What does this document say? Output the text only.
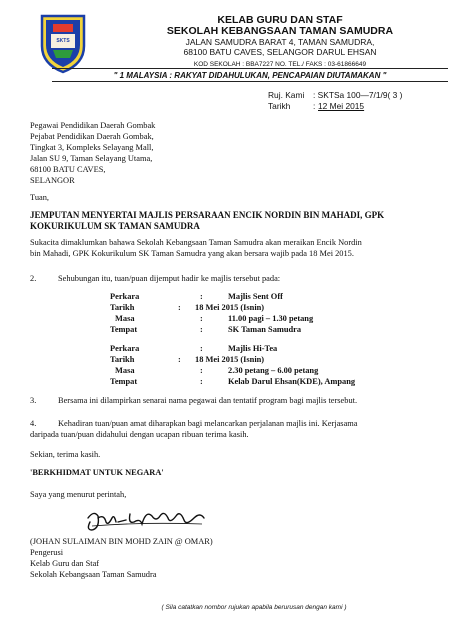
SKTS
KELAB GURU DAN STAF
SEKOLAH KEBANGSAAN TAMAN SAMUDRA
JALAN SAMUDRA BARAT 4, TAMAN SAMUDRA,
68100 BATU CAVES, SELANGOR DARUL EHSAN
KOD SEKOLAH : BBA7227 NO. TEL./ FAKS : 03-61866649
" 1 MALAYSIA : RAKYAT DIDAHULUKAN, PENCAPAIAN DIUTAMAKAN "
Ruj. Kami : SKTSa 100—7/1/9( 3 )
Tarikh	: 12 Mei 2015
Pegawai Pendidikan Daerah Gombak
Pejabat Pendidikan Daerah Gombak,
Tingkat 3, Kompleks Selayang Mall,
Jalan SU 9, Taman Selayang Utama,
68100 BATU CAVES,
SELANGOR
Tuan,
JEMPUTAN MENYERTAI MAJLIS PERSARAAN ENCIK NORDIN BIN MAHADI, GPK
KOKURIKULUM SK TAMAN SAMUDRA
Sukacita dimaklumkan bahawa Sekolah Kebangsaan Taman Samudra akan meraikan Encik Nordin
bin Mahadi, GPK Kokurikulum SK Taman Samudra yang akan bersara wajib pada 18 Mei 2015.
2.	Sehubungan itu, tuan/puan dijemput hadir ke majlis tersebut pada:
Perkara	:	Majlis Sent Off
Tarikh	: 18 Mei 2015 (Isnin)
Masa	:	11.00 pagi – 1.30 petang
Tempat	:	SK Taman Samudra
Perkara	:	Majlis Hi-Tea
Tarikh	: 18 Mei 2015 (Isnin)
Masa	:	2.30 petang – 6.00 petang
Tempat	:	Kelab Darul Ehsan(KDE), Ampang
3.	Bersama ini dilampirkan senarai nama pegawai dan tentatif program bagi majlis tersebut.
4.	Kehadiran tuan/puan amat diharapkan bagi melancarkan perjalanan majlis ini. Kerjasama
daripada tuan/puan didahului dengan ucapan ribuan terima kasih.
Sekian, terima kasih.
'BERKHIDMAT UNTUK NEGARA'
Saya yang menurut perintah,
(JOHAN SULAIMAN BIN MOHD ZAIN @ OMAR)
Pengerusi
Kelab Guru dan Staf
Sekolah Kebangsaan Taman Samudra
( Sila catatkan nombor rujukan apabila berurusan dengan kami )
